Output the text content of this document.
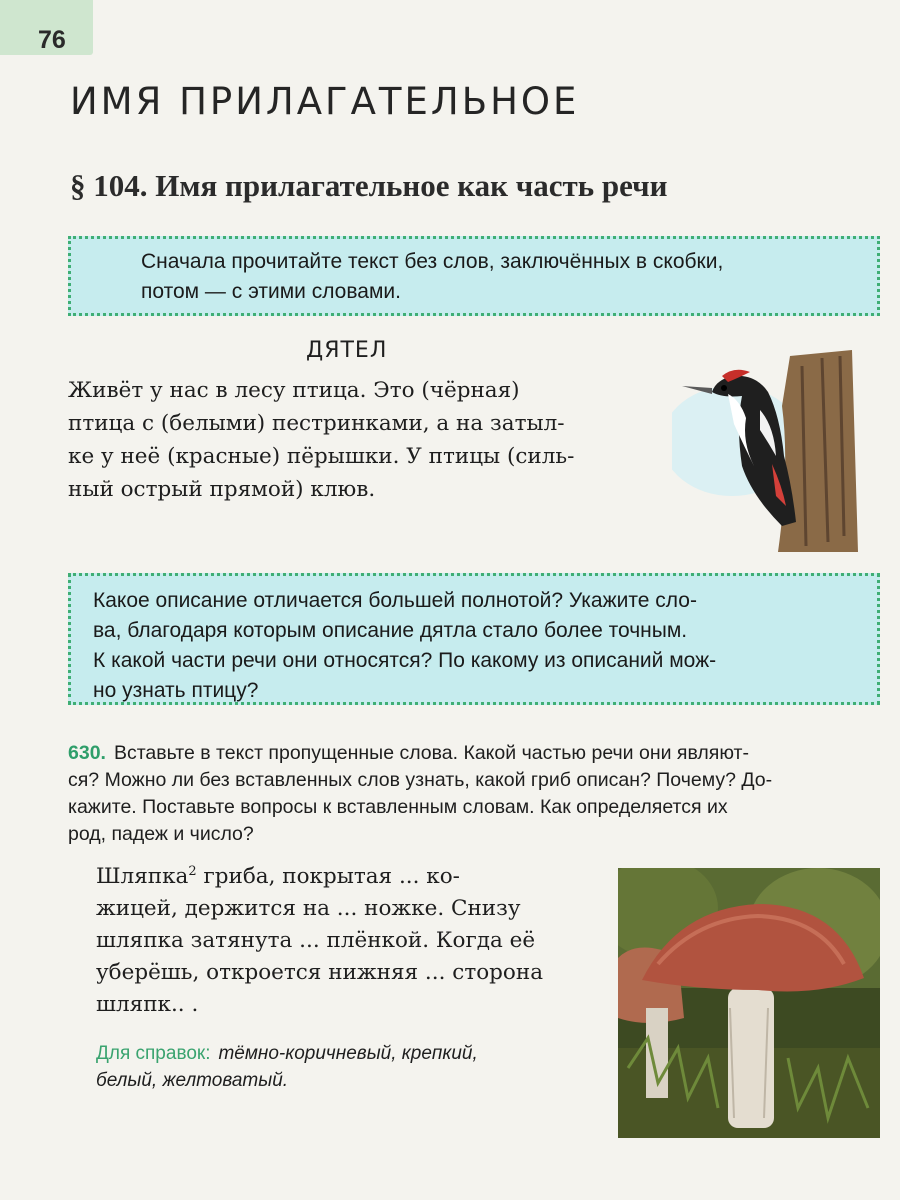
76
ИМЯ ПРИЛАГАТЕЛЬНОЕ
§ 104. Имя прилагательное как часть речи
Сначала прочитайте текст без слов, заключённых в скобки,
потом — с этими словами.
ДЯТЕЛ
Живёт у нас в лесу птица. Это (чёрная)
птица с (белыми) пестринками, а на затыл-
ке у неё (красные) пёрышки. У птицы (силь-
ный острый прямой) клюв.
Какое описание отличается большей полнотой? Укажите сло-
ва, благодаря которым описание дятла стало более точным.
К какой части речи они относятся? По какому из описаний мож-
но узнать птицу?
630. Вставьте в текст пропущенные слова. Какой частью речи они являют-
ся? Можно ли без вставленных слов узнать, какой гриб описан? Почему? До-
кажите. Поставьте вопросы к вставленным словам. Как определяется их
род, падеж и число?
Шляпка$^2$ гриба, покрытая ... ко-
жицей, держится на ... ножке. Снизу
шляпка затянута ... плёнкой. Когда её
уберёшь, откроется нижняя ... сторона
шляпк.. .
Для справок: тёмно-коричневый, крепкий,
белый, желтоватый.
